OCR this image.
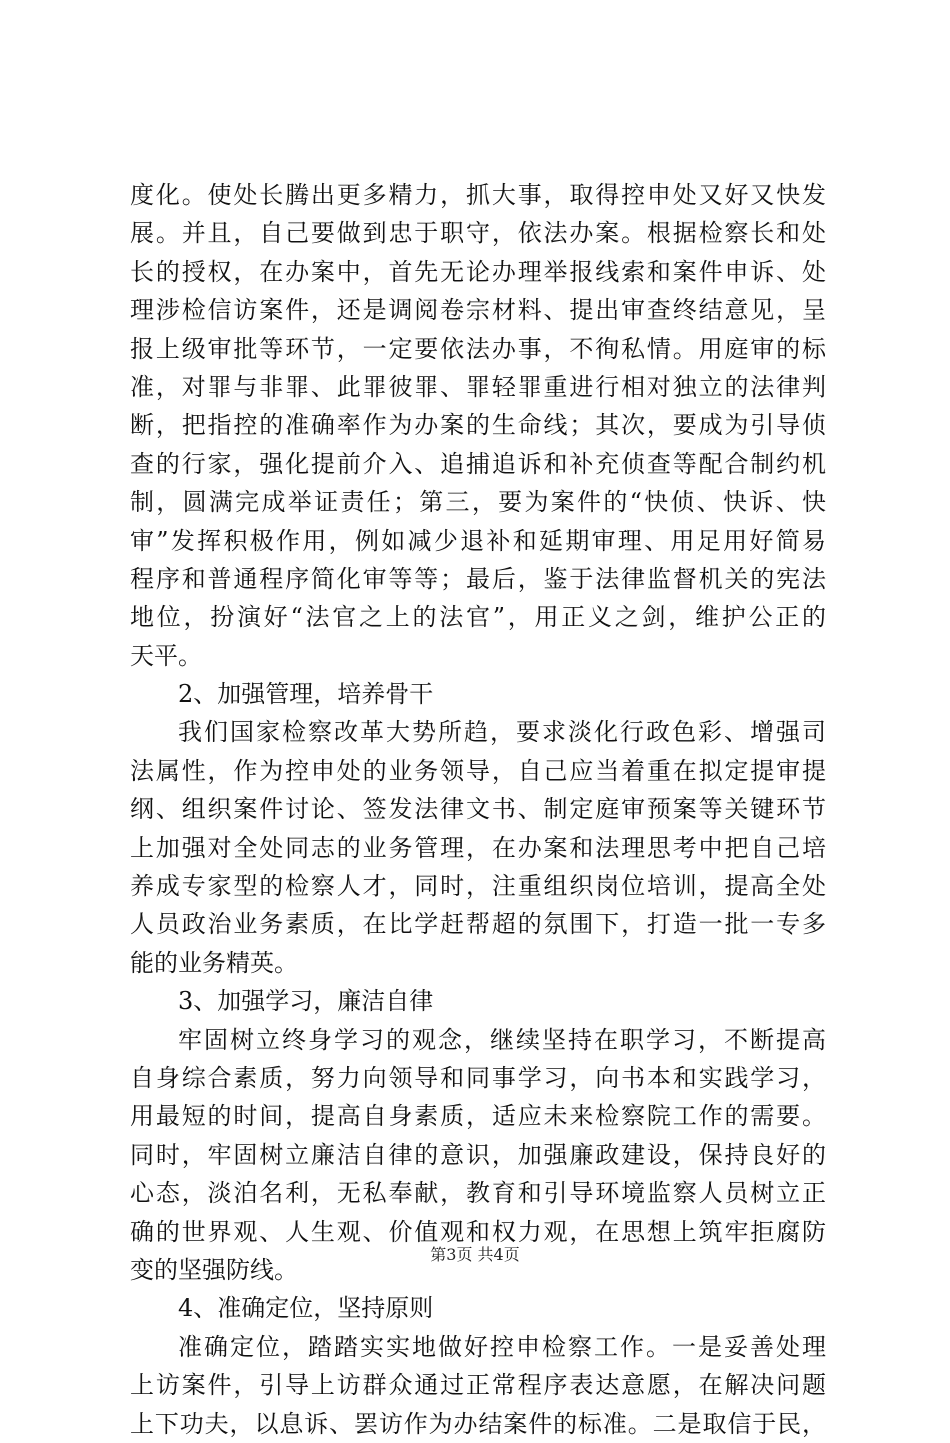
度化。使处长腾出更多精力，抓大事，取得控申处又好又快发
展。并且，自己要做到忠于职守，依法办案。根据检察长和处
长的授权，在办案中，首先无论办理举报线索和案件申诉、处
理涉检信访案件，还是调阅卷宗材料、提出审查终结意见，呈
报上级审批等环节，一定要依法办事，不徇私情。用庭审的标
准，对罪与非罪、此罪彼罪、罪轻罪重进行相对独立的法律判
断，把指控的准确率作为办案的生命线；其次，要成为引导侦
查的行家，强化提前介入、追捕追诉和补充侦查等配合制约机
制，圆满完成举证责任；第三，要为案件的“快侦、快诉、快
审”发挥积极作用，例如减少退补和延期审理、用足用好简易
程序和普通程序简化审等等；最后，鉴于法律监督机关的宪法
地位，扮演好“法官之上的法官”，用正义之剑，维护公正的
天平。
2、加强管理，培养骨干
我们国家检察改革大势所趋，要求淡化行政色彩、增强司
法属性，作为控申处的业务领导，自己应当着重在拟定提审提
纲、组织案件讨论、签发法律文书、制定庭审预案等关键环节
上加强对全处同志的业务管理，在办案和法理思考中把自己培
养成专家型的检察人才，同时，注重组织岗位培训，提高全处
人员政治业务素质，在比学赶帮超的氛围下，打造一批一专多
能的业务精英。
3、加强学习，廉洁自律
牢固树立终身学习的观念，继续坚持在职学习，不断提高
自身综合素质，努力向领导和同事学习，向书本和实践学习，
用最短的时间，提高自身素质，适应未来检察院工作的需要。
同时，牢固树立廉洁自律的意识，加强廉政建设，保持良好的
心态，淡泊名利，无私奉献，教育和引导环境监察人员树立正
确的世界观、人生观、价值观和权力观，在思想上筑牢拒腐防
变的坚强防线。
4、准确定位，坚持原则
准确定位，踏踏实实地做好控申检察工作。一是妥善处理
上访案件，引导上访群众通过正常程序表达意愿，在解决问题
上下功夫，以息诉、罢访作为办结案件的标准。二是取信于民，
第3页 共4页
